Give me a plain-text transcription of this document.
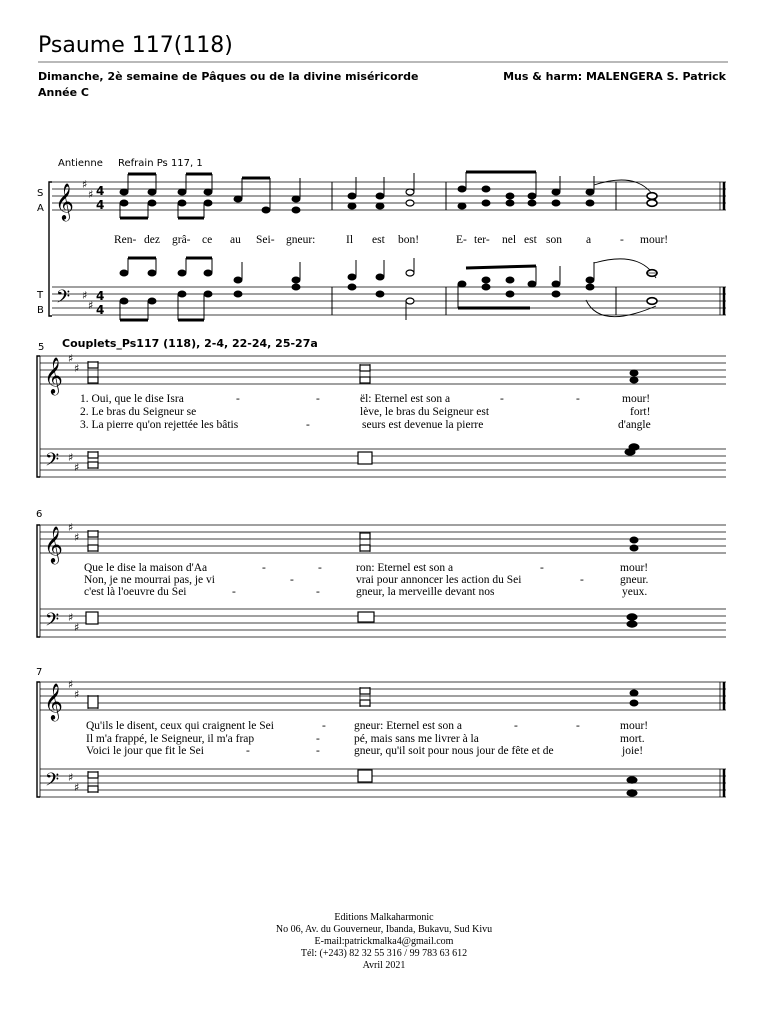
Psaume 117(118)
Dimanche, 2è semaine de Pâques ou de la divine miséricorde
Année C
Mus & harm: MALENGERA S. Patrick
Antienne Refrain Ps 117, 1
S
A
T
B
𝄞
𝄢
♯
♯
♯
♯
4
4
4
4
Ren- dez grâ- ce au Sei- gneur:	Il est bon!	E- ter- nel est son a	- mour!
5 Couplets_Ps117 (118), 2-4, 22-24, 25-27a
𝄞
𝄢
♯
♯
♯
♯
1. Oui, que le dise Isra	-	-	ël: Eternel est son a	-	-	mour!
2. Le bras du Seigneur se	lève, le bras du Seigneur est	fort!
3. La pierre qu'on rejettée les bâtis	-	seurs est devenue la pierre	d'angle
6
𝄞
𝄢
♯
♯
♯
♯
Que le dise la maison d'Aa	-	-	ron: Eternel est son a	-	mour!
Non, je ne mourrai pas, je vi	-	vrai pour annoncer les action du Sei	-	gneur.
c'est là l'oeuvre du Sei	-	-	gneur, la merveille devant nos	yeux.
7
𝄞
𝄢
♯
♯
♯
♯
Qu'ils le disent, ceux qui craignent le Sei	- gneur: Eternel est son a	-	-	mour!
Il m'a frappé, le Seigneur, il m'a frap	-	pé, mais sans me livrer à la	mort.
Voici le jour que fit le Sei	-	-	gneur, qu'il soit pour nous jour de fête et de	joie!
Editions Malkaharmonic
No 06, Av. du Gouverneur, Ibanda, Bukavu, Sud Kivu
E-mail:patrickmalka4@gmail.com
Tél: (+243) 82 32 55 316 / 99 783 63 612
Avril 2021
